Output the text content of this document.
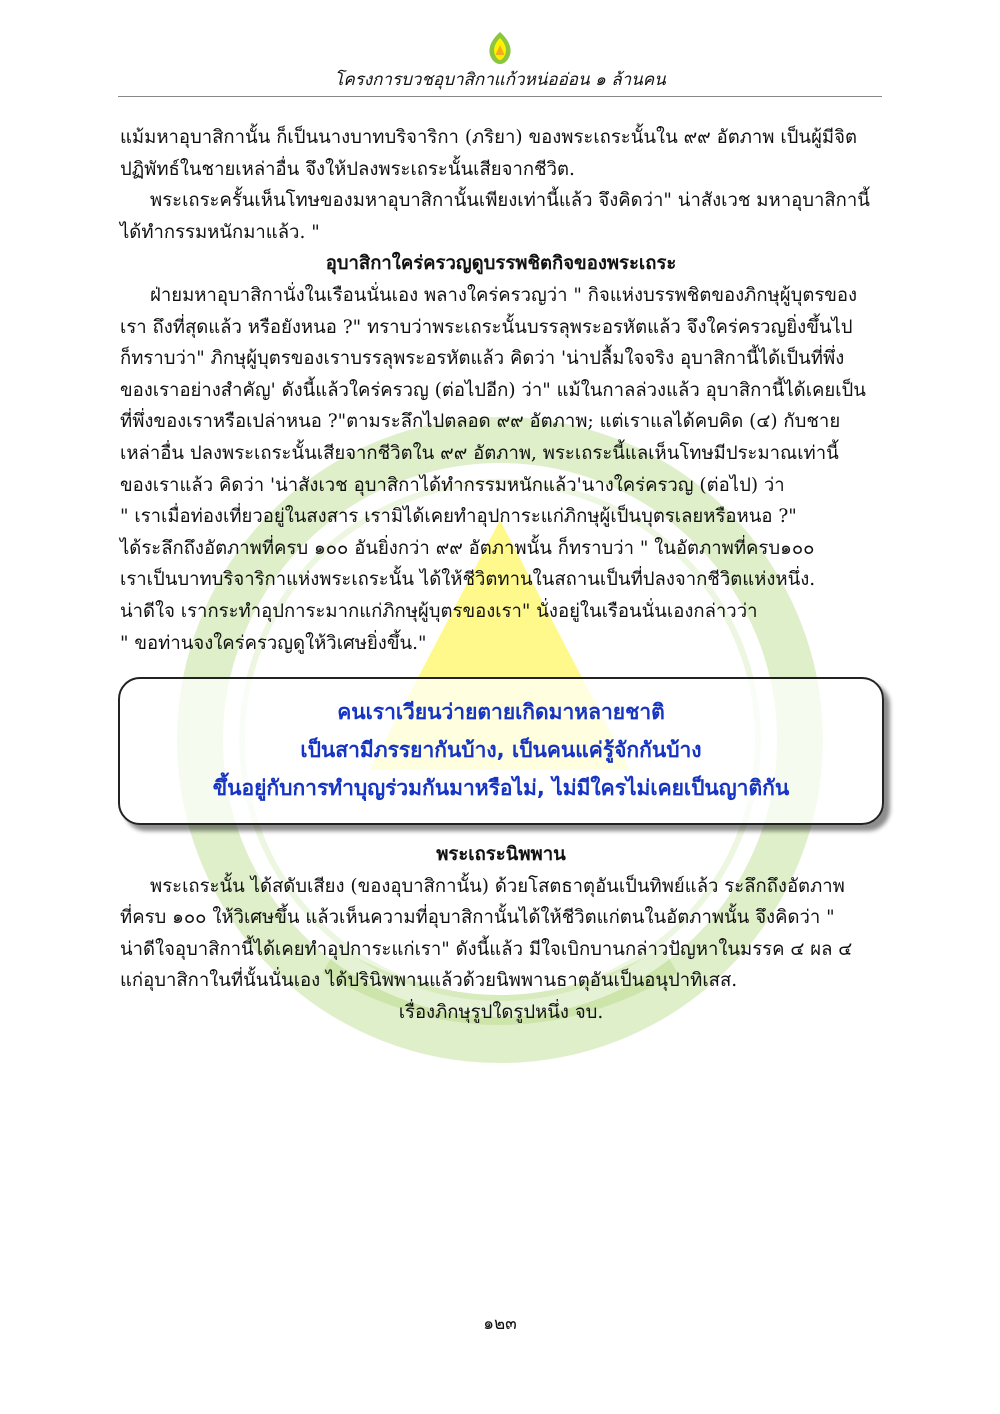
โครงการบวชอุบาสิกาแก้วหน่ออ่อน ๑ ล้านคน

แม้มหาอุบาสิกานั้น ก็เป็นนางบาทบริจาริกา (ภริยา) ของพระเถระนั้นใน ๙๙ อัตภาพ เป็นผู้มีจิตปฏิพัทธ์ในชายเหล่าอื่น จึงให้ปลงพระเถระนั้นเสียจากชีวิต.

พระเถระครั้นเห็นโทษของมหาอุบาสิกานั้นเพียงเท่านี้แล้ว จึงคิดว่า" น่าสังเวช มหาอุบาสิกานี้ได้ทำกรรมหนักมาแล้ว. "

อุบาสิกาใคร่ครวญดูบรรพชิตกิจของพระเถระ

ฝ่ายมหาอุบาสิกานั่งในเรือนนั่นเอง พลางใคร่ครวญว่า " กิจแห่งบรรพชิตของภิกษุผู้บุตรของ

เรา ถึงที่สุดแล้ว หรือยังหนอ ?" ทราบว่าพระเถระนั้นบรรลุพระอรหัตแล้ว จึงใคร่ครวญยิ่งขึ้นไป

ก็ทราบว่า" ภิกษุผู้บุตรของเราบรรลุพระอรหัตแล้ว คิดว่า 'น่าปลื้มใจจริง อุบาสิกานี้ได้เป็นที่พึ่ง

ของเราอย่างสำคัญ' ดังนี้แล้วใคร่ครวญ (ต่อไปอีก) ว่า" แม้ในกาลล่วงแล้ว อุบาสิกานี้ได้เคยเป็น

ที่พึ่งของเราหรือเปล่าหนอ ?"ตามระลึกไปตลอด ๙๙ อัตภาพ; แต่เราแลได้คบคิด (๔) กับชาย

เหล่าอื่น ปลงพระเถระนั้นเสียจากชีวิตใน ๙๙ อัตภาพ, พระเถระนี้แลเห็นโทษมีประมาณเท่านี้

ของเราแล้ว คิดว่า 'น่าสังเวช อุบาสิกาได้ทำกรรมหนักแล้ว'นางใคร่ครวญ (ต่อไป) ว่า

" เราเมื่อท่องเที่ยวอยู่ในสงสาร เรามิได้เคยทำอุปการะแก่ภิกษุผู้เป็นบุตรเลยหรือหนอ ?"

ได้ระลึกถึงอัตภาพที่ครบ ๑๐๐ อันยิ่งกว่า ๙๙ อัตภาพนั้น ก็ทราบว่า " ในอัตภาพที่ครบ๑๐๐

เราเป็นบาทบริจาริกาแห่งพระเถระนั้น ได้ให้ชีวิตทานในสถานเป็นที่ปลงจากชีวิตแห่งหนึ่ง.

น่าดีใจ เรากระทำอุปการะมากแก่ภิกษุผู้บุตรของเรา" นั่งอยู่ในเรือนนั่นเองกล่าวว่า

" ขอท่านจงใคร่ครวญดูให้วิเศษยิ่งขึ้น."

คนเราเวียนว่ายตายเกิดมาหลายชาติ

เป็นสามีภรรยากันบ้าง, เป็นคนแค่รู้จักกันบ้าง

ขึ้นอยู่กับการทำบุญร่วมกันมาหรือไม่, ไม่มีใครไม่เคยเป็นญาติกัน

พระเถระนิพพาน

พระเถระนั้น ได้สดับเสียง (ของอุบาสิกานั้น) ด้วยโสตธาตุอันเป็นทิพย์แล้ว ระลึกถึงอัตภาพ

ที่ครบ ๑๐๐ ให้วิเศษขึ้น แล้วเห็นความที่อุบาสิกานั้นได้ให้ชีวิตแก่ตนในอัตภาพนั้น จึงคิดว่า "

น่าดีใจอุบาสิกานี้ได้เคยทำอุปการะแก่เรา" ดังนี้แล้ว มีใจเบิกบานกล่าวปัญหาในมรรค ๔ ผล ๔

แก่อุบาสิกาในที่นั้นนั่นเอง ได้ปรินิพพานแล้วด้วยนิพพานธาตุอันเป็นอนุปาทิเสส.

เรื่องภิกษุรูปใดรูปหนึ่ง จบ.

๑๒๓
